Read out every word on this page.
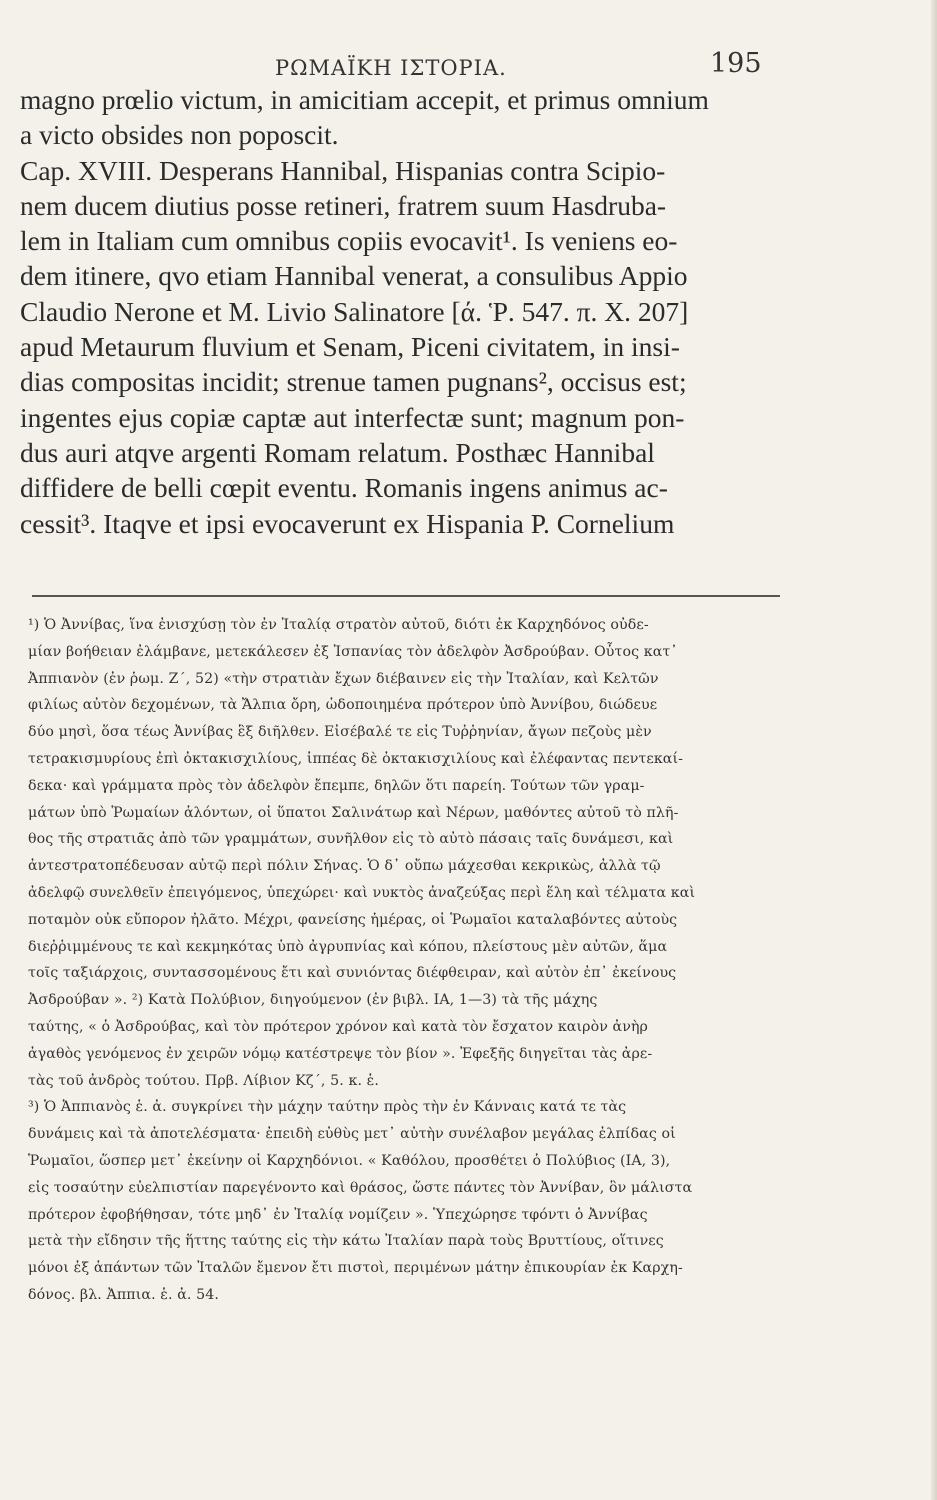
ΡΩΜΑΪΚΗ ΙΣΤΟΡΙΑ.	195
magno prœlio victum, in amicitiam accepit, et primus omnium
a victo obsides non poposcit.
Cap. XVIII. Desperans Hannibal, Hispanias contra Scipio-
nem ducem diutius posse retineri, fratrem suum Hasdruba-
lem in Italiam cum omnibus copiis evocavit¹. Is veniens eo-
dem itinere, qvo etiam Hannibal venerat, a consulibus Appio
Claudio Nerone et M. Livio Salinatore [ά. Ῥ. 547. π. Χ. 207]
apud Metaurum fluvium et Senam, Piceni civitatem, in insi-
dias compositas incidit; strenue tamen pugnans², occisus est;
ingentes ejus copiæ captæ aut interfectæ sunt; magnum pon-
dus auri atqve argenti Romam relatum. Posthæc Hannibal
diffidere de belli cœpit eventu. Romanis ingens animus ac-
cessit³. Itaqve et ipsi evocaverunt ex Hispania P. Cornelium
¹) Ὁ Ἀννίβας, ἵνα ἐνισχύσῃ τὸν ἐν Ἰταλίᾳ στρατὸν αὐτοῦ, διότι ἐκ Καρχηδόνος οὐδε-
μίαν βοήθειαν ἐλάμβανε, μετεκάλεσεν ἐξ Ἰσπανίας τὸν ἀδελφὸν Ἀσδρούβαν. Οὗτος κατ᾽
Ἀππιανὸν (ἐν ῥωμ. Ζ΄, 52) «τὴν στρατιὰν ἔχων διέβαινεν εἰς τὴν Ἰταλίαν, καὶ Κελτῶν
φιλίως αὐτὸν δεχομένων, τὰ Ἄλπια ὄρη, ὡδοποιημένα πρότερον ὑπὸ Ἀννίβου, διώδευε
δύο μησὶ, ὅσα τέως Ἀννίβας ἓξ διῆλθεν. Εἰσέβαλέ τε εἰς Τυῤῥηνίαν, ἄγων πεζοὺς μὲν
τετρακισμυρίους ἐπὶ ὀκτακισχιλίους, ἱππέας δὲ ὀκτακισχιλίους καὶ ἐλέφαντας πεντεκαί-
δεκα· καὶ γράμματα πρὸς τὸν ἀδελφὸν ἔπεμπε, δηλῶν ὅτι παρείη. Τούτων τῶν γραμ-
μάτων ὑπὸ Ῥωμαίων ἁλόντων, οἱ ὕπατοι Σαλινάτωρ καὶ Νέρων, μαθόντες αὐτοῦ τὸ πλῆ-
θος τῆς στρατιᾶς ἀπὸ τῶν γραμμάτων, συνῆλθον εἰς τὸ αὐτὸ πάσαις ταῖς δυνάμεσι, καὶ
ἀντεστρατοπέδευσαν αὐτῷ περὶ πόλιν Σήνας. Ὁ δ᾽ οὔπω μάχεσθαι κεκρικὼς, ἀλλὰ τῷ
ἀδελφῷ συνελθεῖν ἐπειγόμενος, ὑπεχώρει· καὶ νυκτὸς ἀναζεύξας περὶ ἕλη καὶ τέλματα καὶ
ποταμὸν οὐκ εὔπορον ἠλᾶτο. Μέχρι, φανείσης ἡμέρας, οἱ Ῥωμαῖοι καταλαβόντες αὐτοὺς
διεῤῥιμμένους τε καὶ κεκμηκότας ὑπὸ ἀγρυπνίας καὶ κόπου, πλείστους μὲν αὐτῶν, ἅμα
τοῖς ταξιάρχοις, συντασσομένους ἔτι καὶ συνιόντας διέφθειραν, καὶ αὐτὸν ἐπ᾽ ἐκείνους
Ἀσδρούβαν ». ²) Κατὰ Πολύβιον, διηγούμενον (ἐν βιβλ. ΙΑ, 1—3) τὰ τῆς μάχης
ταύτης, « ὁ Ἀσδρούβας, καὶ τὸν πρότερον χρόνον καὶ κατὰ τὸν ἔσχατον καιρὸν ἀνὴρ
ἀγαθὸς γενόμενος ἐν χειρῶν νόμῳ κατέστρεψε τὸν βίον ». Ἐφεξῆς διηγεῖται τὰς ἀρε-
τὰς τοῦ ἀνδρὸς τούτου. Πρβ. Λίβιον Κζ΄, 5. κ. ἑ.
³) Ὁ Ἀππιανὸς ἑ. ἀ. συγκρίνει τὴν μάχην ταύτην πρὸς τὴν ἐν Κάνναις κατά τε τὰς
δυνάμεις καὶ τὰ ἀποτελέσματα· ἐπειδὴ εὐθὺς μετ᾽ αὐτὴν συνέλαβον μεγάλας ἐλπίδας οἱ
Ῥωμαῖοι, ὥσπερ μετ᾽ ἐκείνην οἱ Καρχηδόνιοι. « Καθόλου, προσθέτει ὁ Πολύβιος (ΙΑ, 3),
εἰς τοσαύτην εὐελπιστίαν παρεγένοντο καὶ θράσος, ὥστε πάντες τὸν Ἀννίβαν, ὃν μάλιστα
πρότερον ἐφοβήθησαν, τότε μηδ᾽ ἐν Ἰταλίᾳ νομίζειν ». Ὑπεχώρησε τφόντι ὁ Ἀννίβας
μετὰ τὴν εἴδησιν τῆς ἥττης ταύτης εἰς τὴν κάτω Ἰταλίαν παρὰ τοὺς Βρυττίους, οἵτινες
μόνοι ἐξ ἁπάντων τῶν Ἰταλῶν ἔμενον ἔτι πιστοὶ, περιμένων μάτην ἐπικουρίαν ἐκ Καρχη-
δόνος. βλ. Ἀππια. ἑ. ἀ. 54.
